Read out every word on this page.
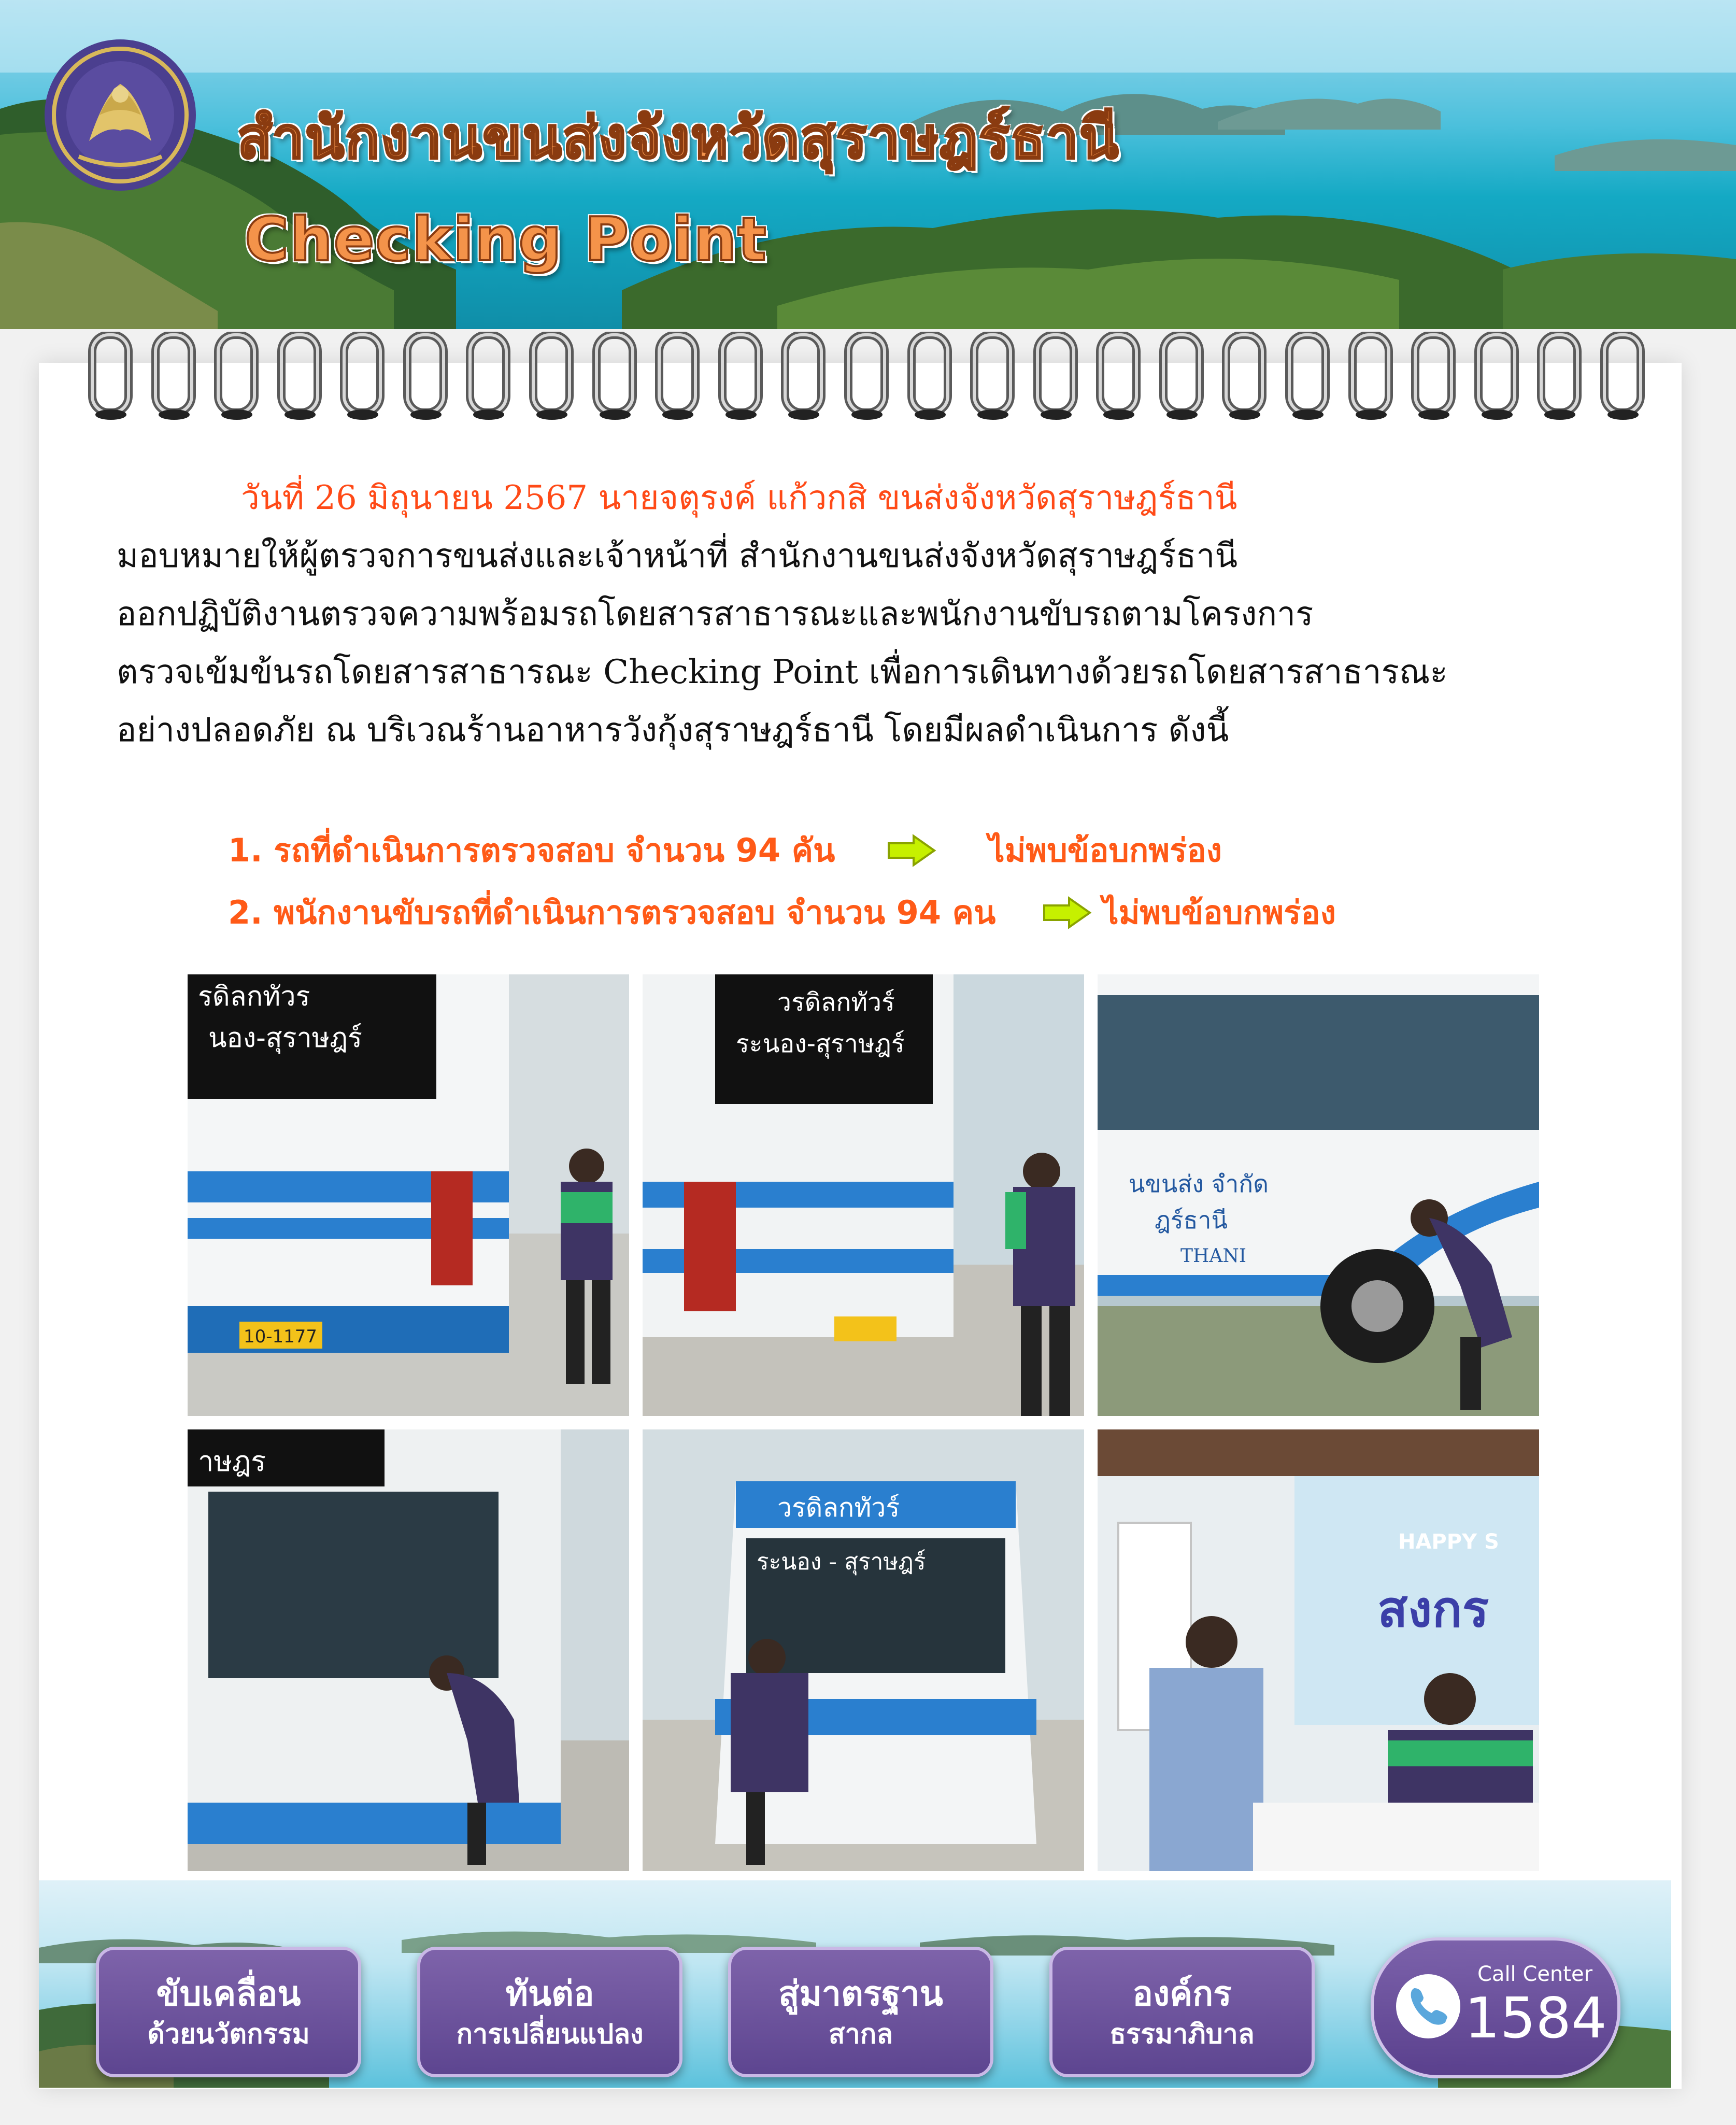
สำนักงานขนส่งจังหวัดสุราษฎร์ธานี
Checking Point

วันที่ 26 มิถุนายน 2567 นายจตุรงค์ แก้วกสิ ขนส่งจังหวัดสุราษฎร์ธานี
มอบหมายให้ผู้ตรวจการขนส่งและเจ้าหน้าที่ สำนักงานขนส่งจังหวัดสุราษฎร์ธานี
ออกปฏิบัติงานตรวจความพร้อมรถโดยสารสาธารณะและพนักงานขับรถตามโครงการ
ตรวจเข้มข้นรถโดยสารสาธารณะ Checking Point เพื่อการเดินทางด้วยรถโดยสารสาธารณะ
อย่างปลอดภัย ณ บริเวณร้านอาหารวังกุ้งสุราษฎร์ธานี โดยมีผลดำเนินการ ดังนี้

1. รถที่ดำเนินการตรวจสอบ จำนวน 94 คัน	ไม่พบข้อบกพร่อง
2. พนักงานขับรถที่ดำเนินการตรวจสอบ จำนวน 94 คน	ไม่พบข้อบกพร่อง
รดิลกทัวร
นอง-สุราษฎร์
10-1177
วรดิลกทัวร์
ระนอง-สุราษฎร์
นขนส่ง จำกัด
ฎร์ธานี
THANI
าษฎร
วรดิลกทัวร์
ระนอง - สุราษฎร์
HAPPY S
สงกร
ขับเคลื่อน
ด้วยนวัตกรรม
ทันต่อ
การเปลี่ยนแปลง
สู่มาตรฐาน
สากล
องค์กร
ธรรมาภิบาล
Call Center
1584
